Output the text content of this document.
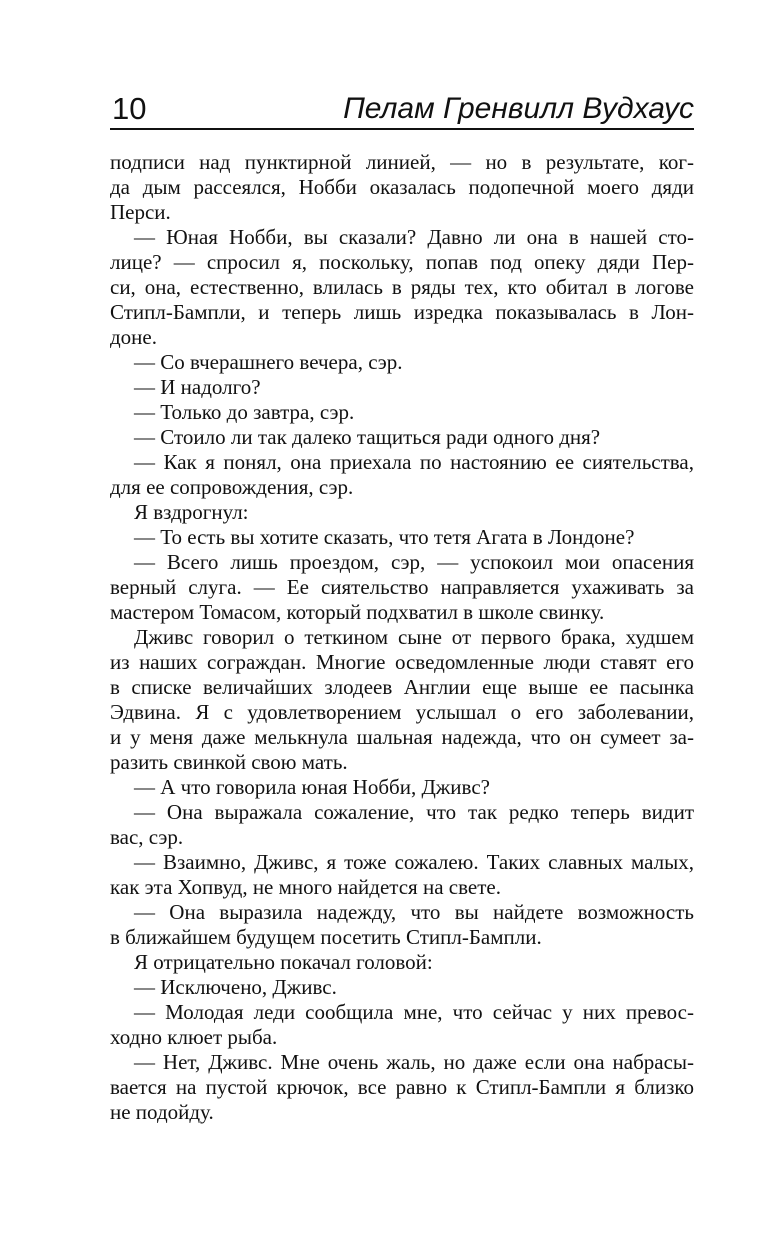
10	Пелам Гренвилл Вудхаус
подписи над пунктирной линией, — но в результате, ког-
да дым рассеялся, Нобби оказалась подопечной моего дяди
Перси.
— Юная Нобби, вы сказали? Давно ли она в нашей сто-
лице? — спросил я, поскольку, попав под опеку дяди Пер-
си, она, естественно, влилась в ряды тех, кто обитал в логове
Стипл-Бампли, и теперь лишь изредка показывалась в Лон-
доне.
— Со вчерашнего вечера, сэр.
— И надолго?
— Только до завтра, сэр.
— Стоило ли так далеко тащиться ради одного дня?
— Как я понял, она приехала по настоянию ее сиятельства,
для ее сопровождения, сэр.
Я вздрогнул:
— То есть вы хотите сказать, что тетя Агата в Лондоне?
— Всего лишь проездом, сэр, — успокоил мои опасения
верный слуга. — Ее сиятельство направляется ухаживать за
мастером Томасом, который подхватил в школе свинку.
Дживс говорил о теткином сыне от первого брака, худшем
из наших сограждан. Многие осведомленные люди ставят его
в списке величайших злодеев Англии еще выше ее пасынка
Эдвина. Я с удовлетворением услышал о его заболевании,
и у меня даже мелькнула шальная надежда, что он сумеет за-
разить свинкой свою мать.
— А что говорила юная Нобби, Дживс?
— Она выражала сожаление, что так редко теперь видит
вас, сэр.
— Взаимно, Дживс, я тоже сожалею. Таких славных малых,
как эта Хопвуд, не много найдется на свете.
— Она выразила надежду, что вы найдете возможность
в ближайшем будущем посетить Стипл-Бампли.
Я отрицательно покачал головой:
— Исключено, Дживс.
— Молодая леди сообщила мне, что сейчас у них превос-
ходно клюет рыба.
— Нет, Дживс. Мне очень жаль, но даже если она набрасы-
вается на пустой крючок, все равно к Стипл-Бампли я близко
не подойду.
